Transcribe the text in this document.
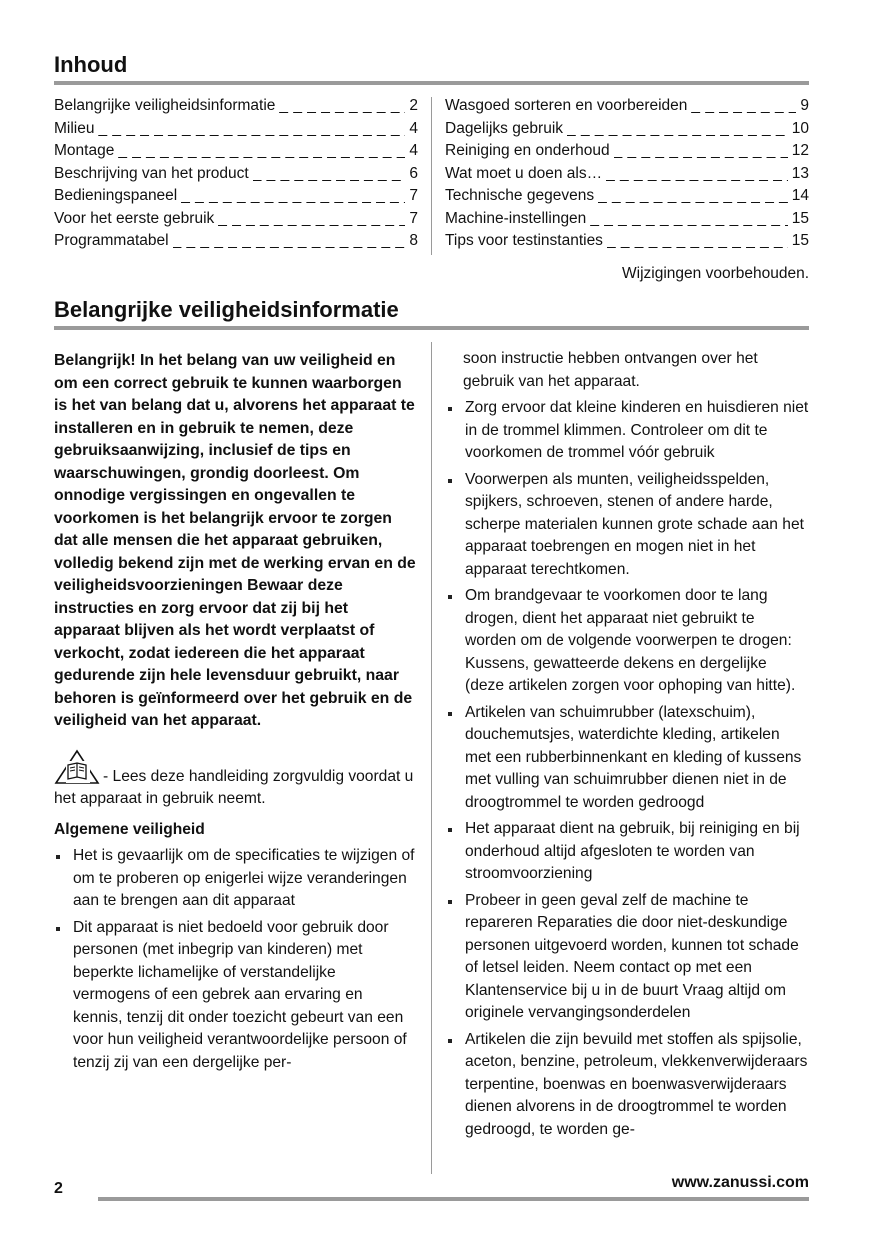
Inhoud
Belangrijke veiligheidsinformatie _ _ _	2
Milieu _ _ _	4
Montage _ _ _	4
Beschrijving van het product _ _ _	6
Bedieningspaneel _ _ _	7
Voor het eerste gebruik _ _ _	7
Programmatabel _ _ _	8
Wasgoed sorteren en voorbereiden _ _ _	9
Dagelijks gebruik _ _ _	10
Reiniging en onderhoud _ _ _	12
Wat moet u doen als… _ _ _	13
Technische gegevens _ _ _	14
Machine-instellingen _ _ _	15
Tips voor testinstanties _ _ _	15
Wijzigingen voorbehouden.
Belangrijke veiligheidsinformatie

Belangrijk! In het belang van uw veiligheid en om een correct gebruik te kunnen waarborgen is het van belang dat u, alvorens het apparaat te installeren en in gebruik te nemen, deze gebruiksaanwijzing, inclusief de tips en waarschuwingen, grondig doorleest. Om onnodige vergissingen en ongevallen te voorkomen is het belangrijk ervoor te zorgen dat alle mensen die het apparaat gebruiken, volledig bekend zijn met de werking ervan en de veiligheidsvoorzieningen Bewaar deze instructies en zorg ervoor dat zij bij het apparaat blijven als het wordt verplaatst of verkocht, zodat iedereen die het apparaat gedurende zijn hele levensduur gebruikt, naar behoren is geïnformeerd over het gebruik en de veiligheid van het apparaat.

- Lees deze handleiding zorgvuldig voordat u het apparaat in gebruik neemt.
Algemene veiligheid
Het is gevaarlijk om de specificaties te wijzigen of om te proberen op enigerlei wijze veranderingen aan te brengen aan dit apparaat
Dit apparaat is niet bedoeld voor gebruik door personen (met inbegrip van kinderen) met beperkte lichamelijke of verstandelijke vermogens of een gebrek aan ervaring en kennis, tenzij dit onder toezicht gebeurt van een voor hun veiligheid verantwoordelijke persoon of tenzij zij van een dergelijke per-

soon instructie hebben ontvangen over het gebruik van het apparaat.

Zorg ervoor dat kleine kinderen en huisdieren niet in de trommel klimmen. Controleer om dit te voorkomen de trommel vóór gebruik
Voorwerpen als munten, veiligheidsspelden, spijkers, schroeven, stenen of andere harde, scherpe materialen kunnen grote schade aan het apparaat toebrengen en mogen niet in het apparaat terechtkomen.
Om brandgevaar te voorkomen door te lang drogen, dient het apparaat niet gebruikt te worden om de volgende voorwerpen te drogen: Kussens, gewatteerde dekens en dergelijke (deze artikelen zorgen voor ophoping van hitte).
Artikelen van schuimrubber (latexschuim), douchemutsjes, waterdichte kleding, artikelen met een rubberbinnenkant en kleding of kussens met vulling van schuimrubber dienen niet in de droogtrommel te worden gedroogd
Het apparaat dient na gebruik, bij reiniging en bij onderhoud altijd afgesloten te worden van stroomvoorziening
Probeer in geen geval zelf de machine te repareren Reparaties die door niet-deskundige personen uitgevoerd worden, kunnen tot schade of letsel leiden. Neem contact op met een Klantenservice bij u in de buurt Vraag altijd om originele vervangingsonderdelen
Artikelen die zijn bevuild met stoffen als spijsolie, aceton, benzine, petroleum, vlekkenverwijderaars terpentine, boenwas en boenwasverwijderaars dienen alvorens in de droogtrommel te worden gedroogd, te worden ge-
2	www.zanussi.com
